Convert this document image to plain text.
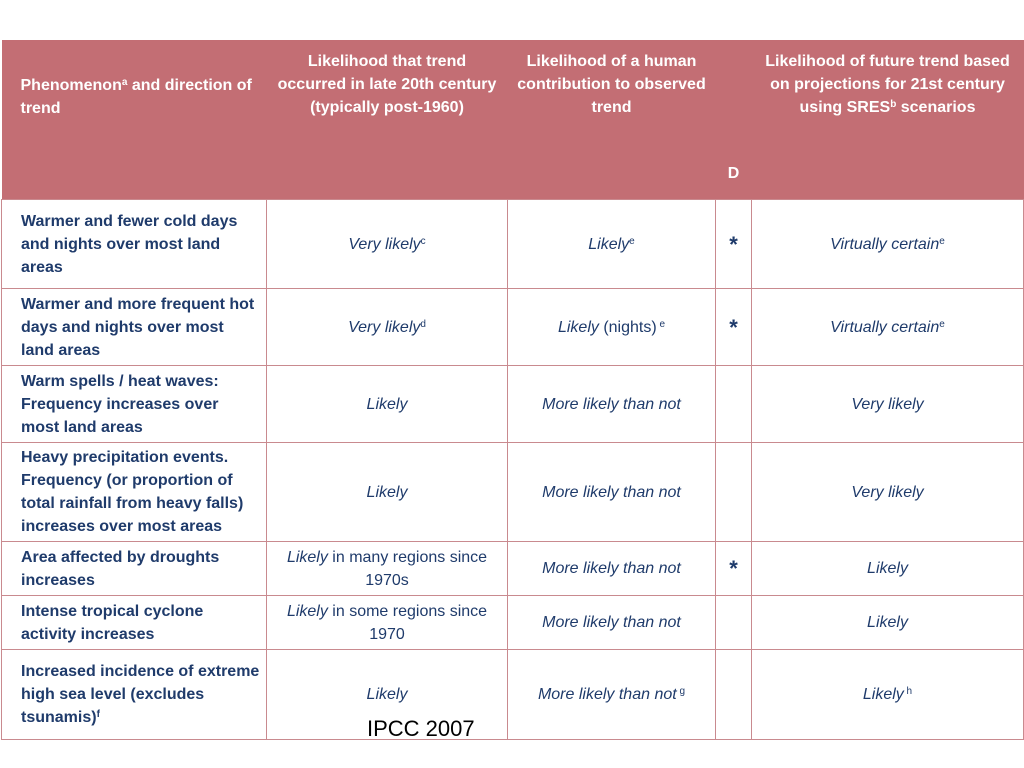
Phenomenon$^a$ and direction of trend	Likelihood that trend occurred in late 20th century (typically post-1960)	Likelihood of a human contribution to observed trend	D	Likelihood of future trend based on projections for 21st century using SRES$^b$ scenarios
Warmer and fewer cold days and nights over most land areas	Very likely$^c$	Likely$^e$	*	Virtually certain$^e$
Warmer and more frequent hot days and nights over most land areas	Very likely$^d$	Likely (nights) $^e$	*	Virtually certain$^e$
Warm spells / heat waves: Frequency increases over most land areas	Likely	More likely than not		Very likely
Heavy precipitation events. Frequency (or proportion of total rainfall from heavy falls) increases over most areas	Likely	More likely than not		Very likely
Area affected by droughts increases	Likely in many regions since 1970s	More likely than not	*	Likely
Intense tropical cyclone activity increases	Likely in some regions since 1970	More likely than not		Likely
Increased incidence of extreme high sea level (excludes tsunamis)$^f$	Likely	More likely than not $^g$		Likely $^h$
IPCC 2007
